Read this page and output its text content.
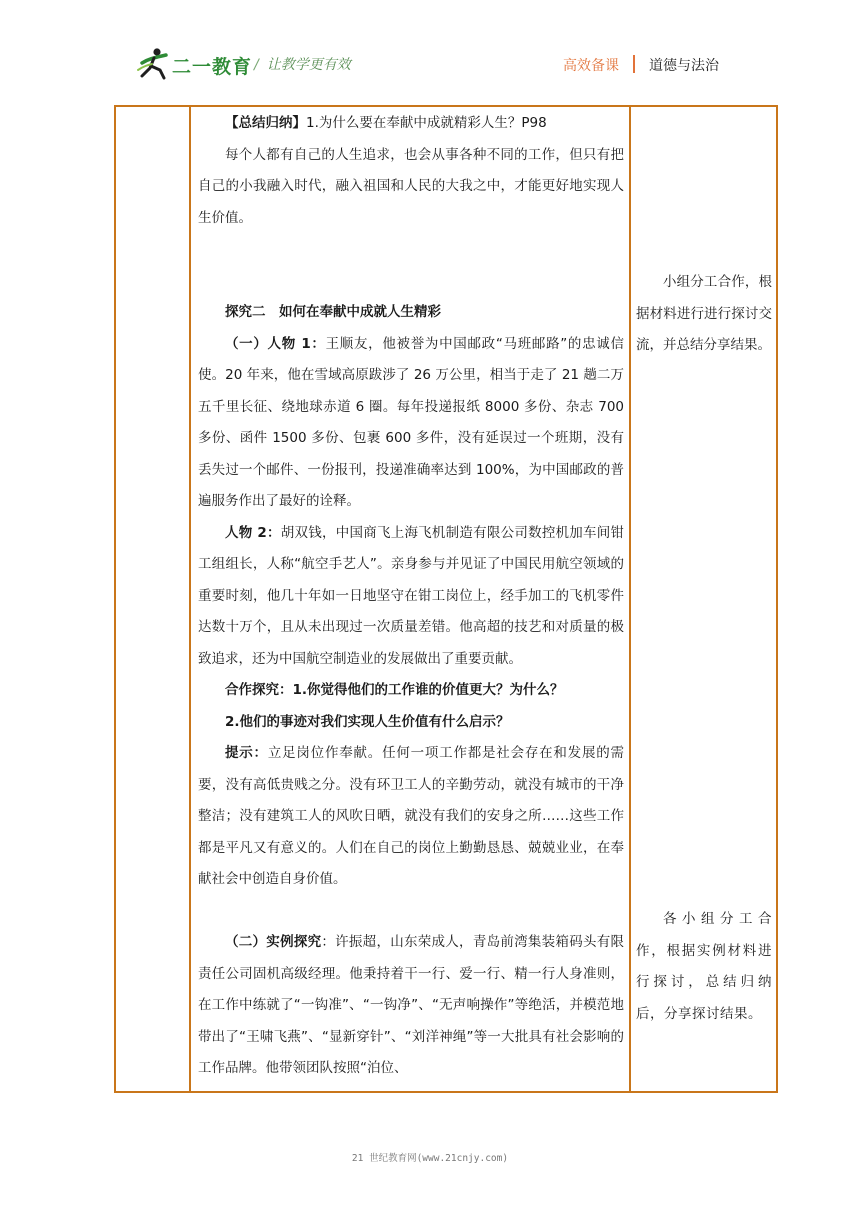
二一教育 / 让教学更有效	高效备课 道德与法治

【总结归纳】1.为什么要在奉献中成就精彩人生？P98

每个人都有自己的人生追求，也会从事各种不同的工作，但只有把自己的小我融入时代，融入祖国和人民的大我之中，才能更好地实现人生价值。

探究二　如何在奉献中成就人生精彩

（一）人物 1：王顺友，他被誉为中国邮政“马班邮路”的忠诚信使。20 年来，他在雪域高原跋涉了 26 万公里，相当于走了 21 趟二万五千里长征、绕地球赤道 6 圈。每年投递报纸 8000 多份、杂志 700 多份、函件 1500 多份、包裹 600 多件，没有延误过一个班期，没有丢失过一个邮件、一份报刊，投递准确率达到 100%，为中国邮政的普遍服务作出了最好的诠释。

人物 2：胡双钱，中国商飞上海飞机制造有限公司数控机加车间钳工组组长，人称“航空手艺人”。亲身参与并见证了中国民用航空领域的重要时刻，他几十年如一日地坚守在钳工岗位上，经手加工的飞机零件达数十万个，且从未出现过一次质量差错。他高超的技艺和对质量的极致追求，还为中国航空制造业的发展做出了重要贡献。

合作探究：1.你觉得他们的工作谁的价值更大？为什么？

2.他们的事迹对我们实现人生价值有什么启示？

提示：立足岗位作奉献。任何一项工作都是社会存在和发展的需要，没有高低贵贱之分。没有环卫工人的辛勤劳动，就没有城市的干净整洁；没有建筑工人的风吹日晒，就没有我们的安身之所……这些工作都是平凡又有意义的。人们在自己的岗位上勤勤恳恳、兢兢业业，在奉献社会中创造自身价值。

（二）实例探究：许振超，山东荣成人，青岛前湾集装箱码头有限责任公司固机高级经理。他秉持着干一行、爱一行、精一行人身准则，在工作中练就了“一钩准”、“一钩净”、“无声响操作”等绝活，并模范地带出了“王啸飞燕”、“显新穿针”、“刘洋神绳”等一大批具有社会影响的工作品牌。他带领团队按照“泊位、

小组分工合作，根据材料进行进行探讨交流，并总结分享结果。

各小组分工合作，根据实例材料进行探讨，总结归纳后，分享探讨结果。

21 世纪教育网(www.21cnjy.com)
